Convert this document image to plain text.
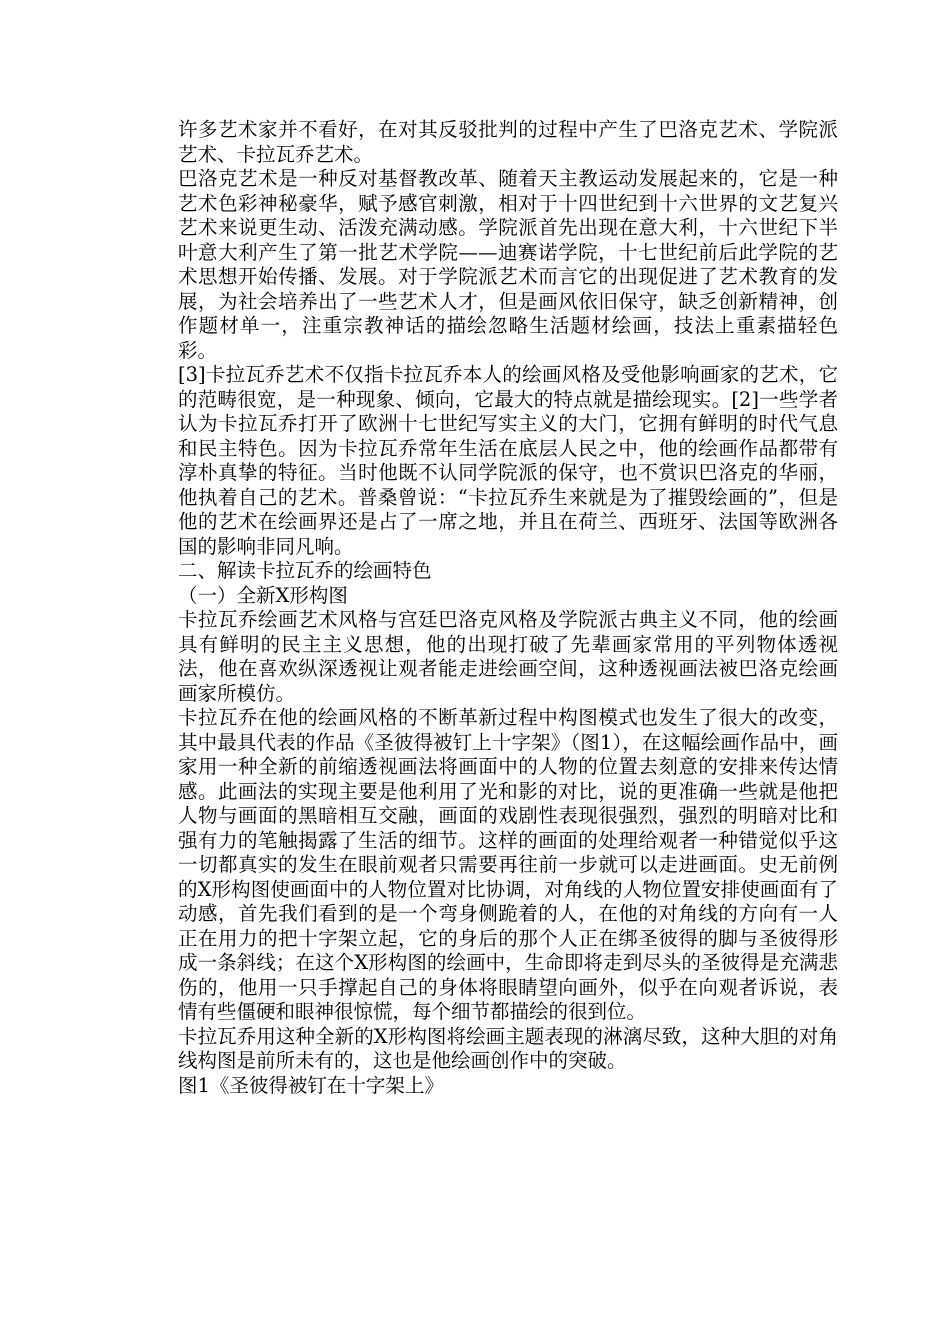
许多艺术家并不看好，在对其反驳批判的过程中产生了巴洛克艺术、学院派艺术、卡拉瓦乔艺术。

巴洛克艺术是一种反对基督教改革、随着天主教运动发展起来的，它是一种艺术色彩神秘豪华，赋予感官刺激，相对于十四世纪到十六世界的文艺复兴艺术来说更生动、活泼充满动感。学院派首先出现在意大利，十六世纪下半叶意大利产生了第一批艺术学院——迪赛诺学院，十七世纪前后此学院的艺术思想开始传播、发展。对于学院派艺术而言它的出现促进了艺术教育的发展，为社会培养出了一些艺术人才，但是画风依旧保守，缺乏创新精神，创作题材单一，注重宗教神话的描绘忽略生活题材绘画，技法上重素描轻色彩。

[3]卡拉瓦乔艺术不仅指卡拉瓦乔本人的绘画风格及受他影响画家的艺术，它的范畴很宽，是一种现象、倾向，它最大的特点就是描绘现实。[2]一些学者认为卡拉瓦乔打开了欧洲十七世纪写实主义的大门，它拥有鲜明的时代气息和民主特色。因为卡拉瓦乔常年生活在底层人民之中，他的绘画作品都带有淳朴真挚的特征。当时他既不认同学院派的保守，也不赏识巴洛克的华丽，他执着自己的艺术。普桑曾说：“卡拉瓦乔生来就是为了摧毁绘画的”，但是他的艺术在绘画界还是占了一席之地，并且在荷兰、西班牙、法国等欧洲各国的影响非同凡响。

二、解读卡拉瓦乔的绘画特色

（一）全新X形构图

卡拉瓦乔绘画艺术风格与宫廷巴洛克风格及学院派古典主义不同，他的绘画具有鲜明的民主主义思想，他的出现打破了先辈画家常用的平列物体透视法，他在喜欢纵深透视让观者能走进绘画空间，这种透视画法被巴洛克绘画画家所模仿。

卡拉瓦乔在他的绘画风格的不断革新过程中构图模式也发生了很大的改变，其中最具代表的作品《圣彼得被钉上十字架》（图1），在这幅绘画作品中，画家用一种全新的前缩透视画法将画面中的人物的位置去刻意的安排来传达情感。此画法的实现主要是他利用了光和影的对比，说的更准确一些就是他把人物与画面的黑暗相互交融，画面的戏剧性表现很强烈，强烈的明暗对比和强有力的笔触揭露了生活的细节。这样的画面的处理给观者一种错觉似乎这一切都真实的发生在眼前观者只需要再往前一步就可以走进画面。史无前例的X形构图使画面中的人物位置对比协调，对角线的人物位置安排使画面有了动感，首先我们看到的是一个弯身侧跪着的人，在他的对角线的方向有一人正在用力的把十字架立起，它的身后的那个人正在绑圣彼得的脚与圣彼得形成一条斜线；在这个X形构图的绘画中，生命即将走到尽头的圣彼得是充满悲伤的，他用一只手撑起自己的身体将眼睛望向画外，似乎在向观者诉说，表情有些僵硬和眼神很惊慌，每个细节都描绘的很到位。

卡拉瓦乔用这种全新的X形构图将绘画主题表现的淋漓尽致，这种大胆的对角线构图是前所未有的，这也是他绘画创作中的突破。

图1《圣彼得被钉在十字架上》
